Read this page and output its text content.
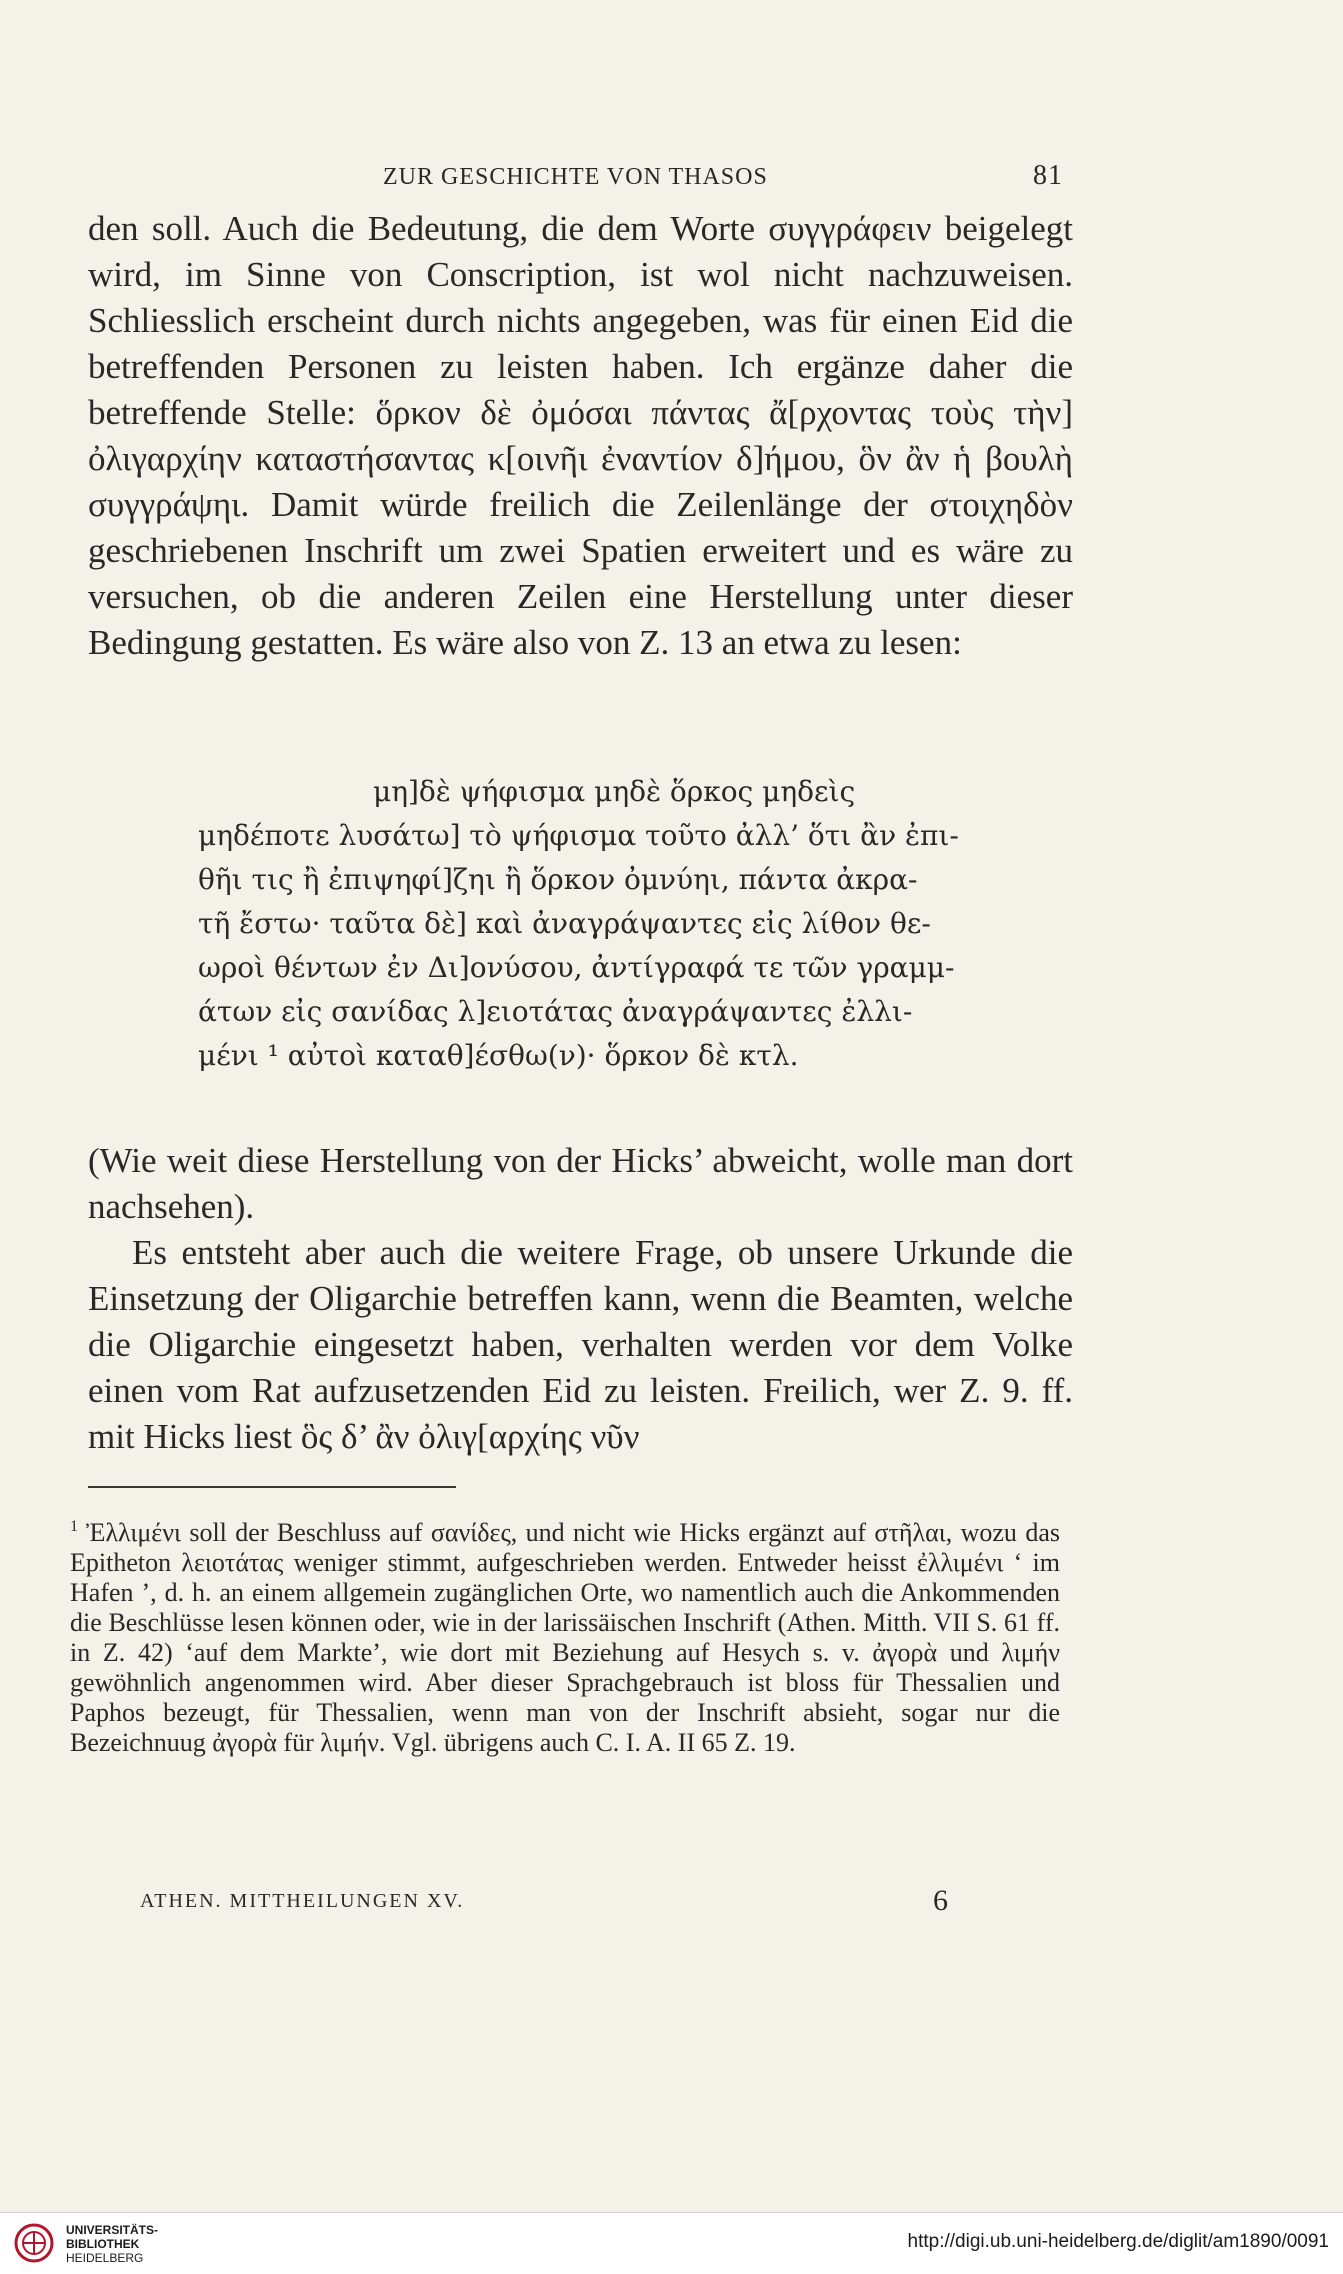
ZUR GESCHICHTE VON THASOS	81

den soll. Auch die Bedeutung, die dem Worte συγγράφειν beigelegt wird, im Sinne von Conscription, ist wol nicht nachzuweisen. Schliesslich erscheint durch nichts angegeben, was für einen Eid die betreffenden Personen zu leisten haben. Ich ergänze daher die betreffende Stelle: ὅρκον δὲ ὀμόσαι πάντας ἄ[ρχοντας τοὺς τὴν] ὀλιγαρχίην καταστήσαντας κ[οινῆι ἐναντίον δ]ήμου, ὃν ἂν ἡ βουλὴ συγγράψηι. Damit würde freilich die Zeilenlänge der στοιχηδὸν geschriebenen Inschrift um zwei Spatien erweitert und es wäre zu versuchen, ob die anderen Zeilen eine Herstellung unter dieser Bedingung gestatten. Es wäre also von Z. 13 an etwa zu lesen:

μη]δὲ ψήφισμα μηδὲ ὅρκος μηδεὶς
μηδέποτε λυσάτω] τὸ ψήφισμα τοῦτο ἀλλ’ ὅτι ἂν ἐπι-
θῆι τις ἢ ἐπιψηφί]ζηι ἢ ὅρκον ὀμνύηι, πάντα ἀκρα-
τῆ ἔστω· ταῦτα δὲ] καὶ ἀναγράψαντες εἰς λίθον θε-
ωροὶ θέντων ἐν Δι]ονύσου, ἀντίγραφά τε τῶν γραμμ-
άτων εἰς σανίδας λ]ειοτάτας ἀναγράψαντες ἐλλι-
μένι ¹ αὐτοὶ καταθ]έσθω(ν)· ὅρκον δὲ κτλ.

(Wie weit diese Herstellung von der Hicks’ abweicht, wolle man dort nachsehen).

Es entsteht aber auch die weitere Frage, ob unsere Urkunde die Einsetzung der Oligarchie betreffen kann, wenn die Beamten, welche die Oligarchie eingesetzt haben, verhalten werden vor dem Volke einen vom Rat aufzusetzenden Eid zu leisten. Freilich, wer Z. 9. ff. mit Hicks liest ὃς δ’ ἂν ὀλιγ[αρχίης νῦν

$^1$ Ἐλλιμένι soll der Beschluss auf σανίδες, und nicht wie Hicks ergänzt auf στῆλαι, wozu das Epitheton λειοτάτας weniger stimmt, aufgeschrieben werden. Entweder heisst ἐλλιμένι ‘ im Hafen ’, d. h. an einem allgemein zugänglichen Orte, wo namentlich auch die Ankommenden die Beschlüsse lesen können oder, wie in der larissäischen Inschrift (Athen. Mitth. VII S. 61 ff. in Z. 42) ‘auf dem Markte’, wie dort mit Beziehung auf Hesych s. v. ἀγορὰ und λιμήν gewöhnlich angenommen wird. Aber dieser Sprachgebrauch ist bloss für Thessalien und Paphos bezeugt, für Thessalien, wenn man von der Inschrift absieht, sogar nur die Bezeichnuug ἀγορὰ für λιμήν. Vgl. übrigens auch C. I. A. II 65 Z. 19.
ATHEN. MITTHEILUNGEN XV.	6
UNIVERSITÄTS-
BIBLIOTHEK
HEIDELBERG
http://digi.ub.uni-heidelberg.de/diglit/am1890/0091
